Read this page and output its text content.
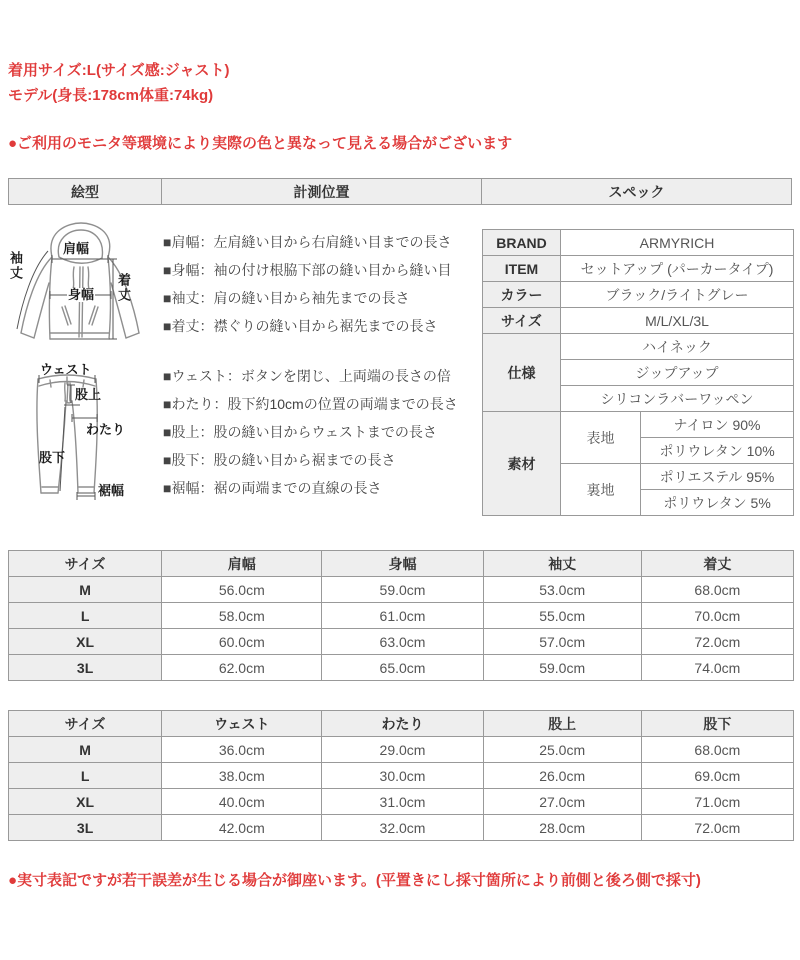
着用サイズ:L(サイズ感:ジャスト)
モデル(身長:178cm体重:74kg)
●ご利用のモニタ等環境により実際の色と異なって見える場合がございます
絵型	計測位置	スペック
肩幅
袖丈
身幅 着丈
ウェスト
股上
わたり
股下
裾幅
■肩幅：左肩縫い目から右肩縫い目までの長さ
■身幅：袖の付け根脇下部の縫い目から縫い目
■袖丈：肩の縫い目から袖先までの長さ
■着丈：襟ぐりの縫い目から裾先までの長さ
■ウェスト：ボタンを閉じ、上両端の長さの倍
■わたり：股下約10cmの位置の両端までの長さ
■股上：股の縫い目からウェストまでの長さ
■股下：股の縫い目から裾までの長さ
■裾幅：裾の両端までの直線の長さ
BRAND	ARMYRICH	
ITEM	セットアップ (パーカータイプ)	
カラー	ブラック/ライトグレー	
サイズ	M/L/XL/3L	
仕様	ハイネック	
	ジップアップ	
	シリコンラバーワッペン	
素材	表地	ナイロン 90%
		ポリウレタン 10%
	裏地	ポリエステル 95%
		ポリウレタン 5%
サイズ	肩幅	身幅	袖丈	着丈
M	56.0cm	59.0cm	53.0cm	68.0cm
L	58.0cm	61.0cm	55.0cm	70.0cm
XL	60.0cm	63.0cm	57.0cm	72.0cm
3L	62.0cm	65.0cm	59.0cm	74.0cm
サイズ	ウェスト	わたり	股上	股下
M	36.0cm	29.0cm	25.0cm	68.0cm
L	38.0cm	30.0cm	26.0cm	69.0cm
XL	40.0cm	31.0cm	27.0cm	71.0cm
3L	42.0cm	32.0cm	28.0cm	72.0cm
●実寸表記ですが若干誤差が生じる場合が御座います。(平置きにし採寸箇所により前側と後ろ側で採寸)
